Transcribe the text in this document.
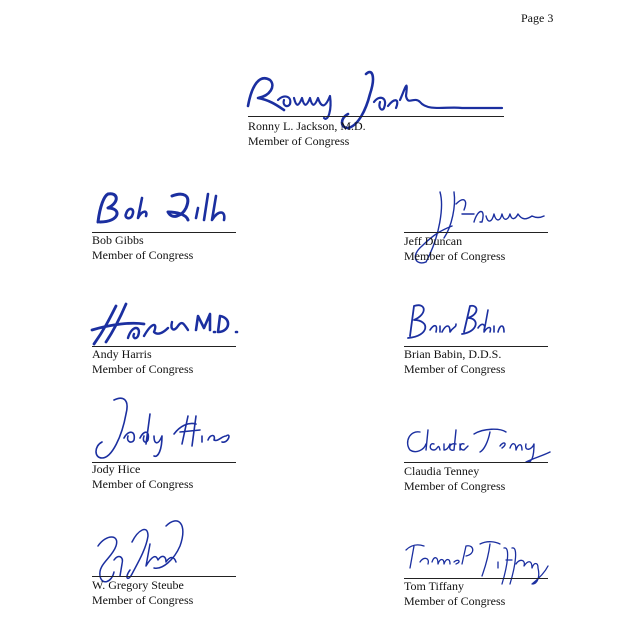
Page 3
Ronny L. Jackson, M.D.
Member of Congress
Bob Gibbs
Member of Congress
Jeff Duncan
Member of Congress
Andy Harris
Member of Congress
Brian Babin, D.D.S.
Member of Congress
Jody Hice
Member of Congress
Claudia Tenney
Member of Congress
W. Gregory Steube
Member of Congress
Tom Tiffany
Member of Congress
